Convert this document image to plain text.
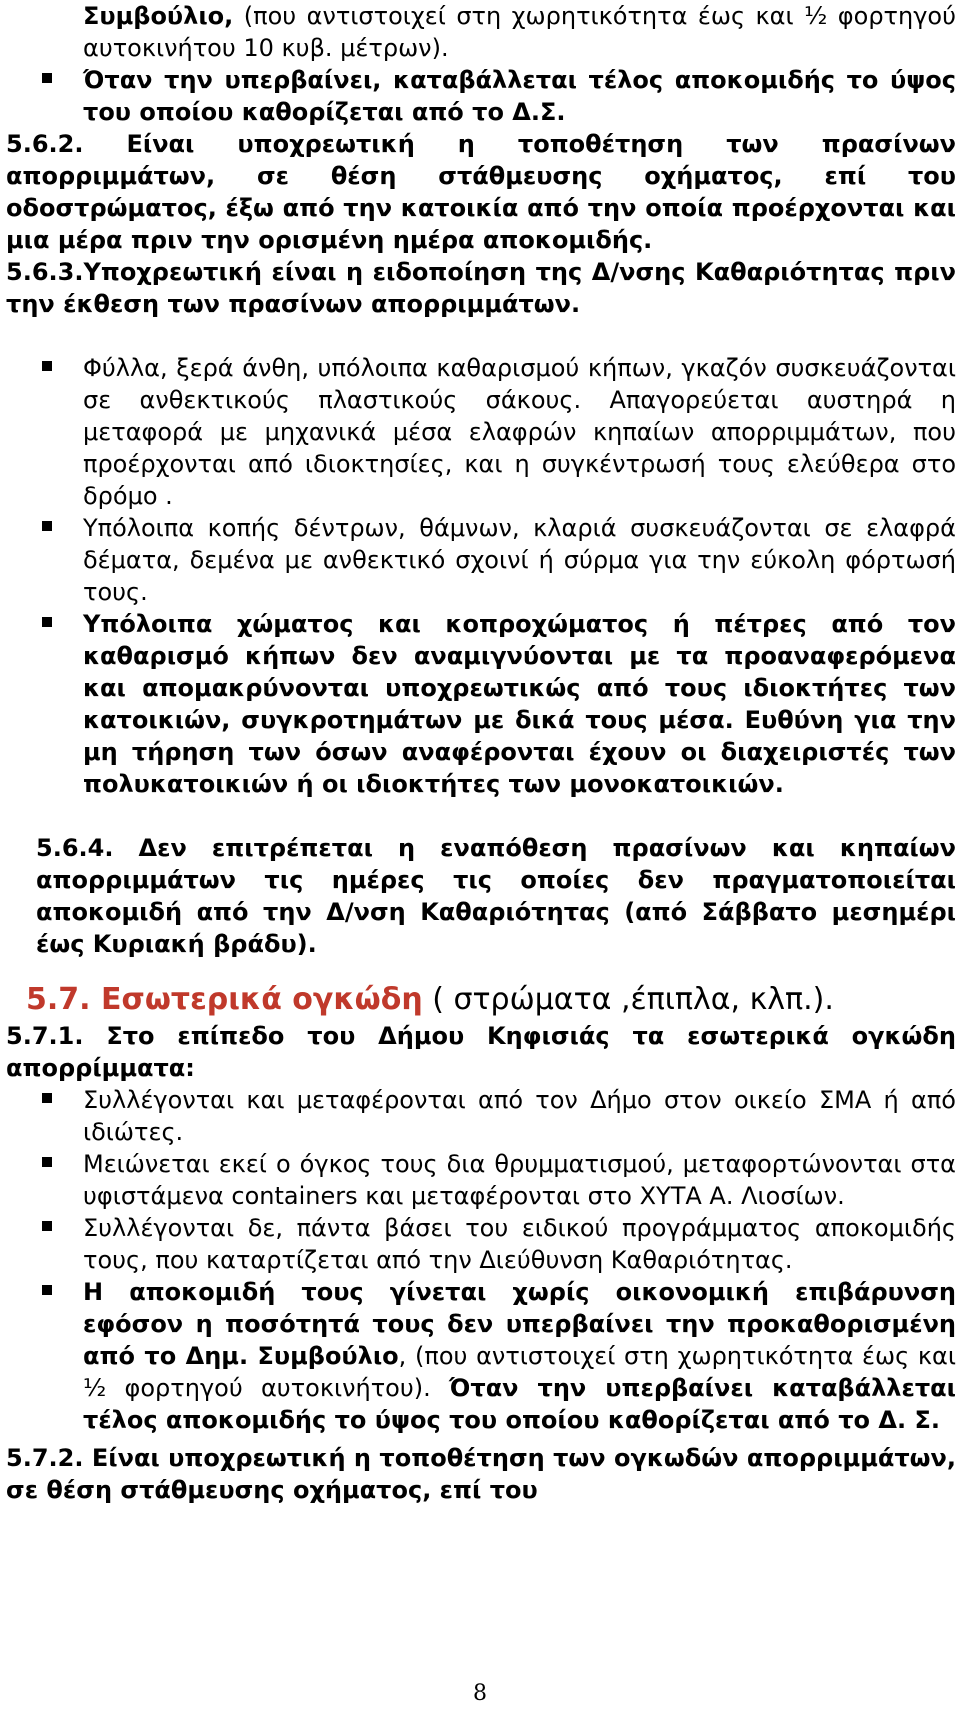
Συμβούλιο, (που αντιστοιχεί στη χωρητικότητα έως και ½ φορτηγού αυτοκινήτου 10 κυβ. μέτρων).

Όταν την υπερβαίνει, καταβάλλεται τέλος αποκομιδής το ύψος του οποίου καθορίζεται από το Δ.Σ.

5.6.2. Είναι υποχρεωτική η τοποθέτηση των πρασίνων απορριμμάτων, σε θέση στάθμευσης οχήματος, επί του οδοστρώματος, έξω από την κατοικία από την οποία προέρχονται και μια μέρα πριν την ορισμένη ημέρα αποκομιδής.

5.6.3.Υποχρεωτική είναι η ειδοποίηση της Δ/νσης Καθαριότητας πριν την έκθεση των πρασίνων απορριμμάτων.

Φύλλα, ξερά άνθη, υπόλοιπα καθαρισμού κήπων, γκαζόν συσκευάζονται σε ανθεκτικούς πλαστικούς σάκους. Απαγορεύεται αυστηρά η μεταφορά με μηχανικά μέσα ελαφρών κηπαίων απορριμμάτων, που προέρχονται από ιδιοκτησίες, και η συγκέντρωσή τους ελεύθερα στο δρόμο .
Υπόλοιπα κοπής δέντρων, θάμνων, κλαριά συσκευάζονται σε ελαφρά δέματα, δεμένα με ανθεκτικό σχοινί ή σύρμα για την εύκολη φόρτωσή τους.
Υπόλοιπα χώματος και κοπροχώματος ή πέτρες από τον καθαρισμό κήπων δεν αναμιγνύονται με τα προαναφερόμενα και απομακρύνονται υποχρεωτικώς από τους ιδιοκτήτες των κατοικιών, συγκροτημάτων με δικά τους μέσα. Ευθύνη για την μη τήρηση των όσων αναφέρονται έχουν οι διαχειριστές των πολυκατοικιών ή οι ιδιοκτήτες των μονοκατοικιών.

5.6.4. Δεν επιτρέπεται η εναπόθεση πρασίνων και κηπαίων απορριμμάτων τις ημέρες τις οποίες δεν πραγματοποιείται αποκομιδή από την Δ/νση Καθαριότητας (από Σάββατο μεσημέρι έως Κυριακή βράδυ).

5.7. Εσωτερικά ογκώδη ( στρώματα ,έπιπλα, κλπ.).

5.7.1. Στο επίπεδο του Δήμου Κηφισιάς τα εσωτερικά ογκώδη απορρίμματα:

Συλλέγονται και μεταφέρονται από τον Δήμο στον οικείο ΣΜΑ ή από ιδιώτες.
Μειώνεται εκεί ο όγκος τους δια θρυμματισμού, μεταφορτώνονται στα υφιστάμενα containers και μεταφέρονται στο ΧΥΤΑ Α. Λιοσίων.
Συλλέγονται δε, πάντα βάσει του ειδικού προγράμματος αποκομιδής τους, που καταρτίζεται από την Διεύθυνση Καθαριότητας.
Η αποκομιδή τους γίνεται χωρίς οικονομική επιβάρυνση εφόσον η ποσότητά τους δεν υπερβαίνει την προκαθορισμένη από το Δημ. Συμβούλιο, (που αντιστοιχεί στη χωρητικότητα έως και ½ φορτηγού αυτοκινήτου). Όταν την υπερβαίνει καταβάλλεται τέλος αποκομιδής το ύψος του οποίου καθορίζεται από το Δ. Σ.

5.7.2. Είναι υποχρεωτική η τοποθέτηση των ογκωδών απορριμμάτων, σε θέση στάθμευσης οχήματος, επί του

8
